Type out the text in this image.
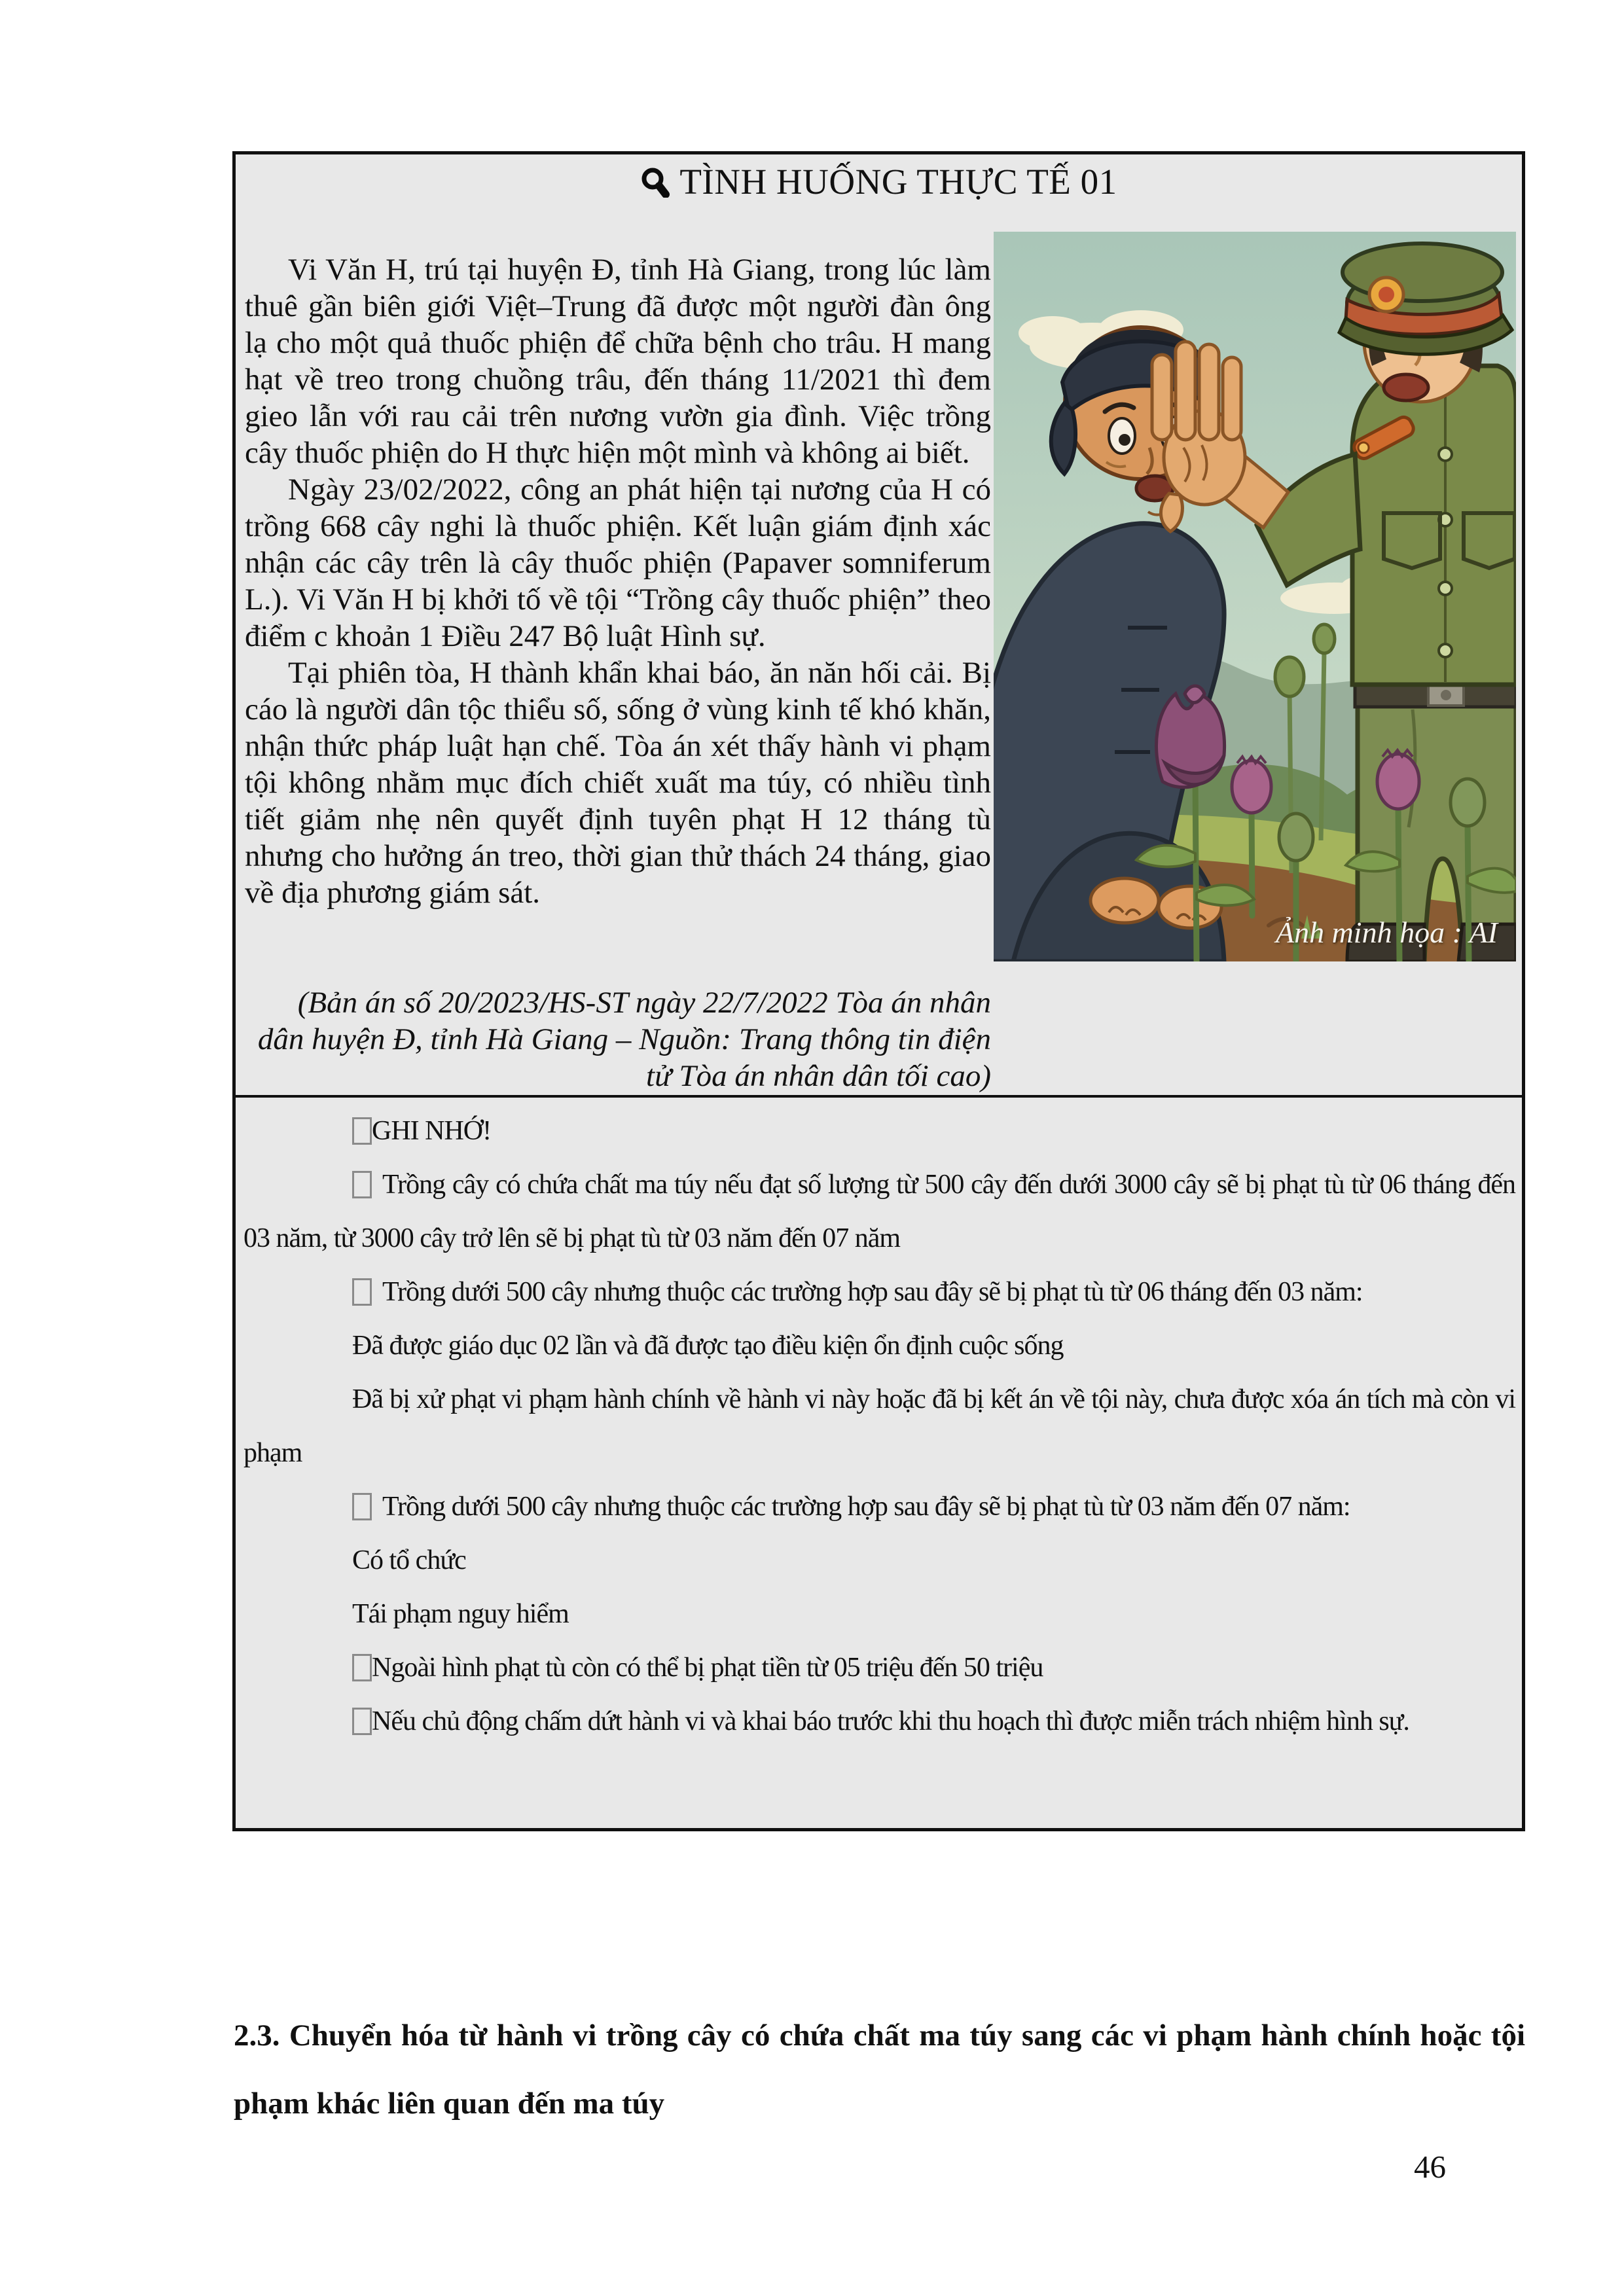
TÌNH HUỐNG THỰC TẾ 01

Vi Văn H, trú tại huyện Đ, tỉnh Hà Giang, trong lúc làm thuê gần biên giới Việt–Trung đã được một người đàn ông lạ cho một quả thuốc phiện để chữa bệnh cho trâu. H mang hạt về treo trong chuồng trâu, đến tháng 11/2021 thì đem gieo lẫn với rau cải trên nương vườn gia đình. Việc trồng cây thuốc phiện do H thực hiện một mình và không ai biết.

Ngày 23/02/2022, công an phát hiện tại nương của H có trồng 668 cây nghi là thuốc phiện. Kết luận giám định xác nhận các cây trên là cây thuốc phiện (Papaver somniferum L.). Vi Văn H bị khởi tố về tội “Trồng cây thuốc phiện” theo điểm c khoản 1 Điều 247 Bộ luật Hình sự.

Tại phiên tòa, H thành khẩn khai báo, ăn năn hối cải. Bị cáo là người dân tộc thiểu số, sống ở vùng kinh tế khó khăn, nhận thức pháp luật hạn chế. Tòa án xét thấy hành vi phạm tội không nhằm mục đích chiết xuất ma túy, có nhiều tình tiết giảm nhẹ nên quyết định tuyên phạt H 12 tháng tù nhưng cho hưởng án treo, thời gian thử thách 24 tháng, giao về địa phương giám sát.

(Bản án số 20/2023/HS-ST ngày 22/7/2022 Tòa án nhân dân huyện Đ, tỉnh Hà Giang – Nguồn: Trang thông tin điện tử Tòa án nhân dân tối cao)
Ảnh minh họa : AI

GHI NHỚ!

Trồng cây có chứa chất ma túy nếu đạt số lượng từ 500 cây đến dưới 3000 cây sẽ bị phạt tù từ 06 tháng đến 03 năm, từ 3000 cây trở lên sẽ bị phạt tù từ 03 năm đến 07 năm

Trồng dưới 500 cây nhưng thuộc các trường hợp sau đây sẽ bị phạt tù từ 06 tháng đến 03 năm:

Đã được giáo dục 02 lần và đã được tạo điều kiện ổn định cuộc sống

Đã bị xử phạt vi phạm hành chính về hành vi này hoặc đã bị kết án về tội này, chưa được xóa án tích mà còn vi phạm

Trồng dưới 500 cây nhưng thuộc các trường hợp sau đây sẽ bị phạt tù từ 03 năm đến 07 năm:

Có tổ chức

Tái phạm nguy hiểm

Ngoài hình phạt tù còn có thể bị phạt tiền từ 05 triệu đến 50 triệu

Nếu chủ động chấm dứt hành vi và khai báo trước khi thu hoạch thì được miễn trách nhiệm hình sự.

2.3. Chuyển hóa từ hành vi trồng cây có chứa chất ma túy sang các vi phạm hành chính hoặc tội phạm khác liên quan đến ma túy
46
